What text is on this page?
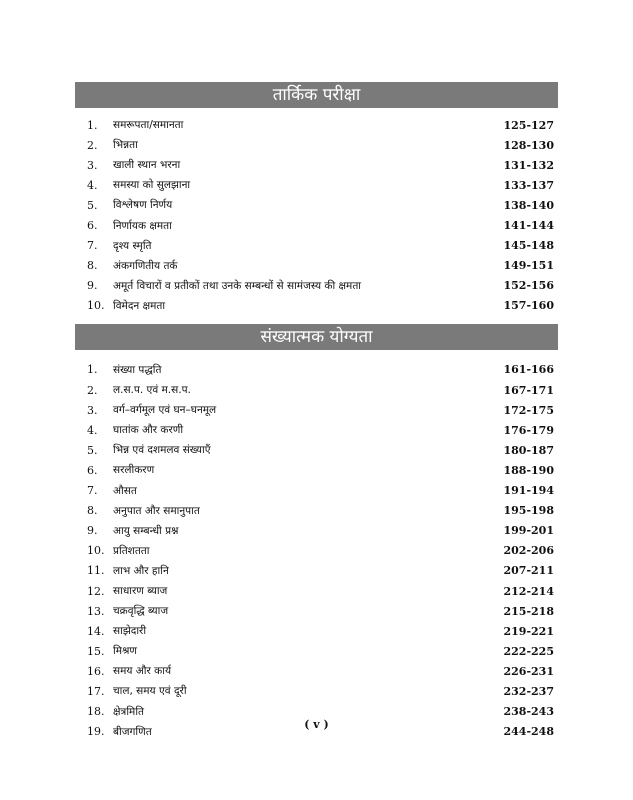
तार्किक परीक्षा
1.	समरूपता/समानता	125-127
2.	भिन्नता	128-130
3.	खाली स्थान भरना	131-132
4.	समस्या को सुलझाना	133-137
5.	विश्लेषण निर्णय	138-140
6.	निर्णायक क्षमता	141-144
7.	दृश्य स्मृति	145-148
8.	अंकगणितीय तर्क	149-151
9.	अमूर्त विचारों व प्रतीकों तथा उनके सम्बन्धों से सामंजस्य की क्षमता	152-156
10. विमेदन क्षमता	157-160
संख्यात्मक योग्यता
1.	संख्या पद्धति	161-166
2.	ल.स.प. एवं म.स.प.	167-171
3.	वर्ग–वर्गमूल एवं घन–घनमूल	172-175
4.	घातांक और करणी	176-179
5.	भिन्न एवं दशमलव संख्याएँ	180-187
6.	सरलीकरण	188-190
7.	औसत	191-194
8.	अनुपात और समानुपात	195-198
9.	आयु सम्बन्धी प्रश्न	199-201
10. प्रतिशतता	202-206
11. लाभ और हानि	207-211
12. साधारण ब्याज	212-214
13. चक्रवृद्धि ब्याज	215-218
14. साझेदारी	219-221
15. मिश्रण	222-225
16. समय और कार्य	226-231
17. चाल, समय एवं दूरी	232-237
18. क्षेत्रमिति	238-243
19. बीजगणित	244-248
( v )
